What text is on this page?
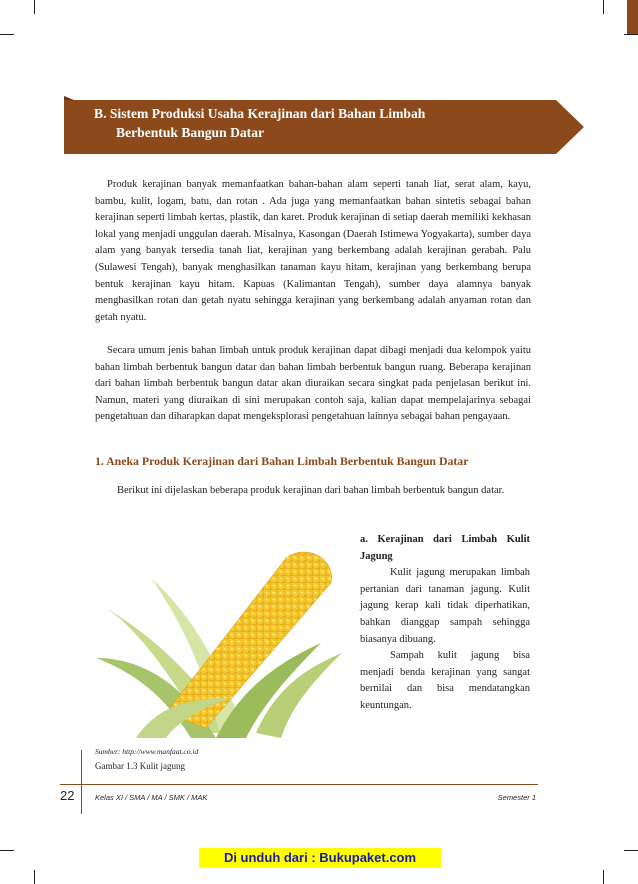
B. Sistem Produksi Usaha Kerajinan dari Bahan Limbah
Berbentuk Bangun Datar
Produk kerajinan banyak memanfaatkan bahan-bahan alam seperti tanah liat, serat alam, kayu, bambu, kulit, logam, batu, dan rotan . Ada juga yang memanfaatkan bahan sintetis sebagai bahan kerajinan seperti limbah kertas, plastik, dan karet. Produk kerajinan di setiap daerah memiliki kekhasan lokal yang menjadi unggulan daerah. Misalnya, Kasongan (Daerah Istimewa Yogyakarta), sumber daya alam yang banyak tersedia tanah liat, kerajinan yang berkembang adalah kerajinan gerabah. Palu (Sulawesi Tengah), banyak menghasilkan tanaman kayu hitam, kerajinan yang berkembang berupa bentuk kerajinan kayu hitam. Kapuas (Kalimantan Tengah), sumber daya alamnya banyak menghasilkan rotan dan getah nyatu sehingga kerajinan yang berkembang adalah anyaman rotan dan getah nyatu.
Secara umum jenis bahan limbah untuk produk kerajinan dapat dibagi menjadi dua kelompok yaitu bahan limbah berbentuk bangun datar dan bahan limbah berbentuk bangun ruang. Beberapa kerajinan dari bahan limbah berbentuk bangun datar akan diuraikan secara singkat pada penjelasan berikut ini. Namun, materi yang diuraikan di sini merupakan contoh saja, kalian dapat mempelajarinya sebagai pengetahuan dan diharapkan dapat mengeksplorasi pengetahuan lainnya sebagai bahan pengayaan.
1. Aneka Produk Kerajinan dari Bahan Limbah Berbentuk Bangun Datar
Berikut ini dijelaskan beberapa produk kerajinan dari bahan limbah berbentuk bangun datar.
a. Kerajinan dari Limbah Kulit Jagung
Kulit jagung merupakan limbah pertanian dari tanaman jagung. Kulit jagung kerap kali tidak diperhatikan, bahkan dianggap sampah sehingga biasanya dibuang.
Sampah kulit jagung bisa menjadi benda kerajinan yang sangat bernilai dan bisa mendatangkan keuntungan.
Sumber: http://www.manfaat.co.id
Gambar 1.3 Kulit jagung
22	Kelas XI / SMA / MA / SMK / MAK	Semester 1
Di unduh dari : Bukupaket.com
